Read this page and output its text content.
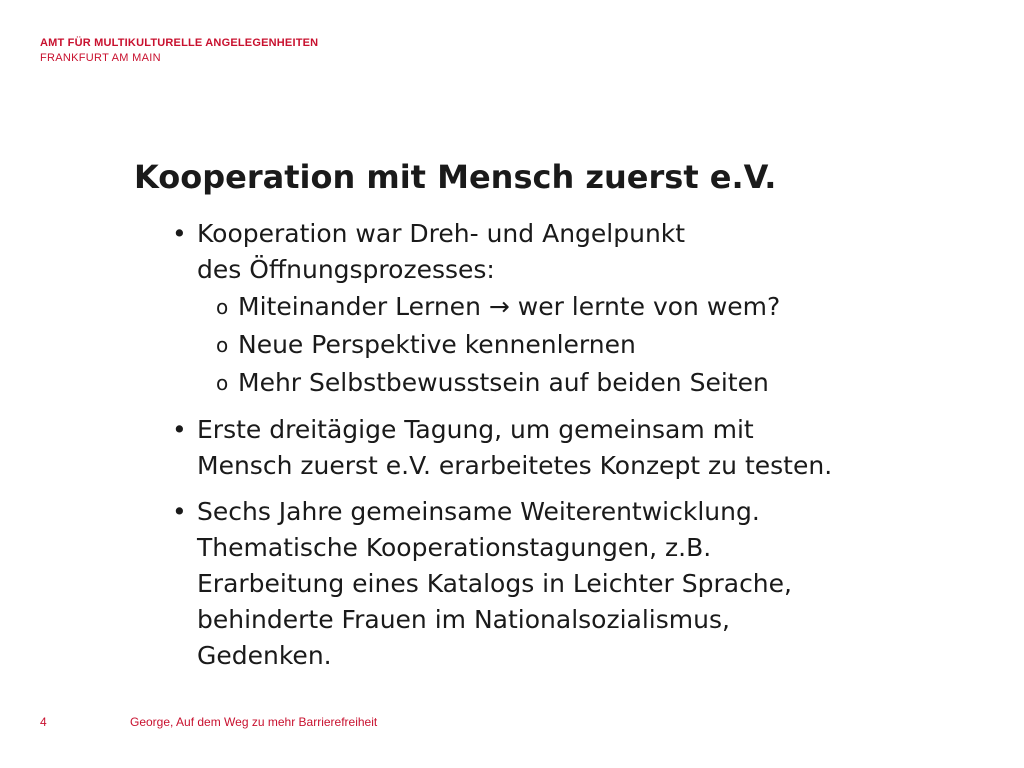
AMT FÜR MULTIKULTURELLE ANGELEGENHEITEN
FRANKFURT AM MAIN
Kooperation mit Mensch zuerst e.V.
• Kooperation war Dreh- und Angelpunkt
des Öffnungsprozesses:
o Miteinander Lernen → wer lernte von wem?
o Neue Perspektive kennenlernen
o Mehr Selbstbewusstsein auf beiden Seiten
• Erste dreitägige Tagung, um gemeinsam mit
Mensch zuerst e.V. erarbeitetes Konzept zu testen.
• Sechs Jahre gemeinsame Weiterentwicklung.
Thematische Kooperationstagungen, z.B.
Erarbeitung eines Katalogs in Leichter Sprache,
behinderte Frauen im Nationalsozialismus,
Gedenken.
4	George, Auf dem Weg zu mehr Barrierefreiheit
